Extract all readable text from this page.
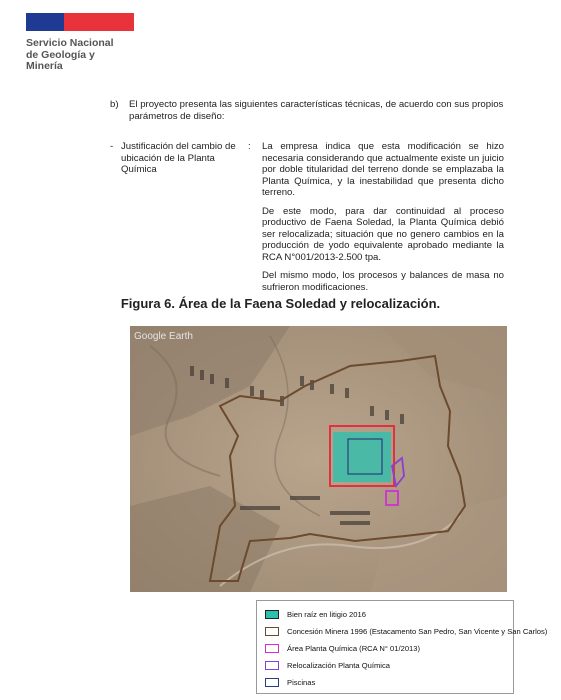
Servicio Nacional
de Geología y
Minería
b) El proyecto presenta las siguientes características técnicas, de acuerdo con sus propios parámetros de diseño:
- Justificación del cambio de ubicación de la Planta Química
: La empresa indica que esta modificación se hizo necesaria considerando que actualmente existe un juicio por doble titularidad del terreno donde se emplazaba la Planta Química, y la inestabilidad que presenta dicho terreno.

De este modo, para dar continuidad al proceso productivo de Faena Soledad, la Planta Química debió ser relocalizada; situación que no genero cambios en la producción de yodo equivalente aprobado mediante la RCA N°001/2013-2.500 tpa.

Del mismo modo, los procesos y balances de masa no sufrieron modificaciones.

Figura 6. Área de la Faena Soledad y relocalización.
Google Earth
Bien raíz en litigio 2016
Concesión Minera 1996 (Estacamento San Pedro, San Vicente y San Carlos)
Área Planta Química (RCA N° 01/2013)
Relocalización Planta Química
Piscinas
